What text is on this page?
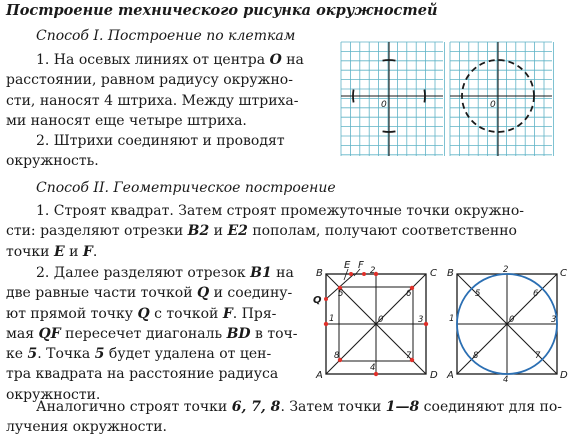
Построение технического рисунка окружностей
Способ I. Построение по клеткам
1. На осевых линиях от центра O на
расстоянии, равном радиусу окружно-
сти, наносят 4 штриха. Между штриха-
ми наносят еще четыре штриха.
2. Штрихи соединяют и проводят
окружность.
0	0
Способ II. Геометрическое построение
1. Строят квадрат. Затем строят промежуточные точки окружно-
сти: разделяют отрезки B2 и E2 пополам, получают соответственно
точки E и F.
2. Далее разделяют отрезок B1 на
две равные части точкой Q и соедину-
ют прямой точку Q с точкой F. Пря-
мая QF пересечет диагональ BD в точ-
ке 5. Точка 5 будет удалена от цен-
тра квадрата на расстояние радиуса
окружности.
Аналогично строят точки 6, 7, 8. Затем точки 1—8 соединяют для по-
лучения окружности.
B	C
A	D
E F
Q
0
1
2
3
4
5	6
7
8
B	C
A	D
0
1
2
3
4
5	6
7
8
